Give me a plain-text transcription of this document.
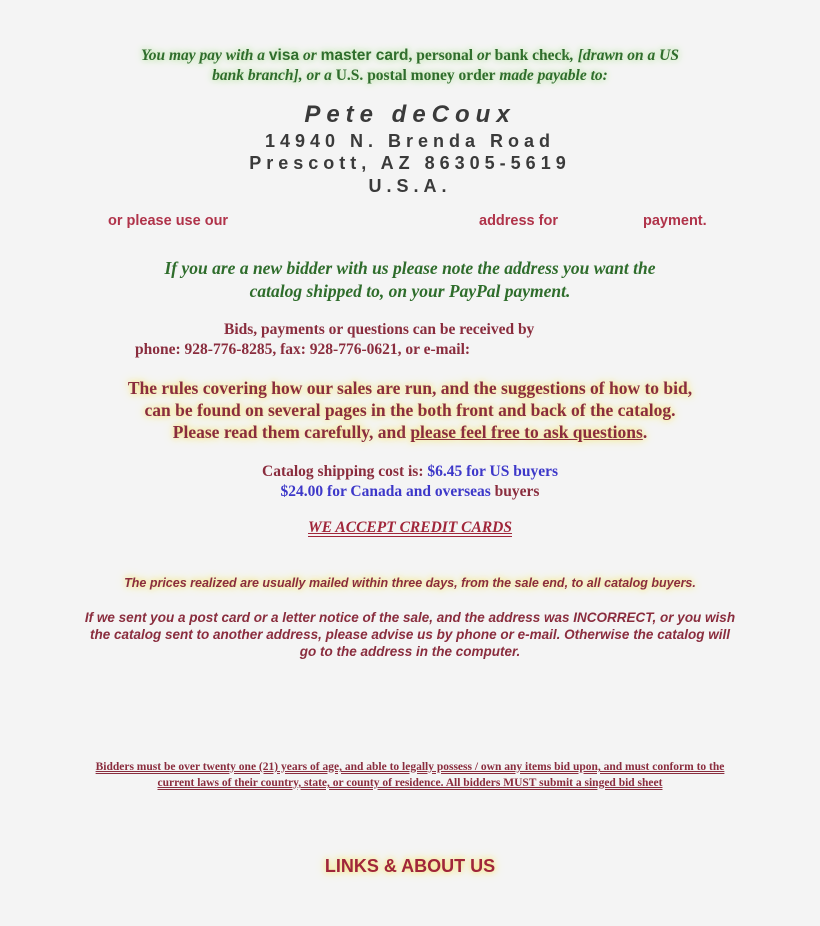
You may pay with a visa or master card, personal or bank check, [drawn on a US
bank branch], or a U.S. postal money order made payable to:
Pete deCoux
14940 N. Brenda Road
Prescott, AZ 86305-5619
U.S.A.
or please use our	address for	payment.
If you are a new bidder with us please note the address you want the
catalog shipped to, on your PayPal payment.
Bids, payments or questions can be received by
phone: 928-776-8285, fax: 928-776-0621, or e-mail:
The rules covering how our sales are run, and the suggestions of how to bid,
can be found on several pages in the both front and back of the catalog.
Please read them carefully, and please feel free to ask questions.
Catalog shipping cost is: $6.45 for US buyers
$24.00 for Canada and overseas buyers
WE ACCEPT CREDIT CARDS
The prices realized are usually mailed within three days, from the sale end, to all catalog buyers.
If we sent you a post card or a letter notice of the sale, and the address was INCORRECT, or you wish the catalog sent to another address, please advise us by phone or e-mail. Otherwise the catalog will go to the address in the computer.
Bidders must be over twenty one (21) years of age, and able to legally possess / own any items bid upon, and must conform to the current laws of their country, state, or county of residence. All bidders MUST submit a singed bid sheet
LINKS & ABOUT US
